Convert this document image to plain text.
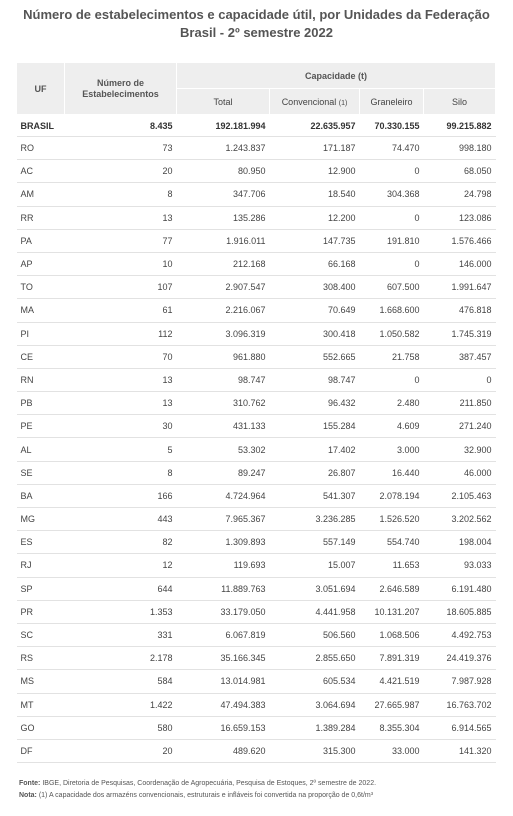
Número de estabelecimentos e capacidade útil, por Unidades da Federação
Brasil - 2º semestre 2022
UF	Número de Estabelecimentos	Capacidade (t)			
		Total	Convencional (1)	Graneleiro	Silo
BRASIL	8.435	192.181.994	22.635.957	70.330.155	99.215.882
RO	73	1.243.837	171.187	74.470	998.180
AC	20	80.950	12.900	0	68.050
AM	8	347.706	18.540	304.368	24.798
RR	13	135.286	12.200	0	123.086
PA	77	1.916.011	147.735	191.810	1.576.466
AP	10	212.168	66.168	0	146.000
TO	107	2.907.547	308.400	607.500	1.991.647
MA	61	2.216.067	70.649	1.668.600	476.818
PI	112	3.096.319	300.418	1.050.582	1.745.319
CE	70	961.880	552.665	21.758	387.457
RN	13	98.747	98.747	0	0
PB	13	310.762	96.432	2.480	211.850
PE	30	431.133	155.284	4.609	271.240
AL	5	53.302	17.402	3.000	32.900
SE	8	89.247	26.807	16.440	46.000
BA	166	4.724.964	541.307	2.078.194	2.105.463
MG	443	7.965.367	3.236.285	1.526.520	3.202.562
ES	82	1.309.893	557.149	554.740	198.004
RJ	12	119.693	15.007	11.653	93.033
SP	644	11.889.763	3.051.694	2.646.589	6.191.480
PR	1.353	33.179.050	4.441.958	10.131.207	18.605.885
SC	331	6.067.819	506.560	1.068.506	4.492.753
RS	2.178	35.166.345	2.855.650	7.891.319	24.419.376
MS	584	13.014.981	605.534	4.421.519	7.987.928
MT	1.422	47.494.383	3.064.694	27.665.987	16.763.702
GO	580	16.659.153	1.389.284	8.355.304	6.914.565
DF	20	489.620	315.300	33.000	141.320
Fonte: IBGE, Diretoria de Pesquisas, Coordenação de Agropecuária, Pesquisa de Estoques, 2º semestre de 2022.
Nota: (1) A capacidade dos armazéns convencionais, estruturais e infláveis foi convertida na proporção de 0,6t/m³
